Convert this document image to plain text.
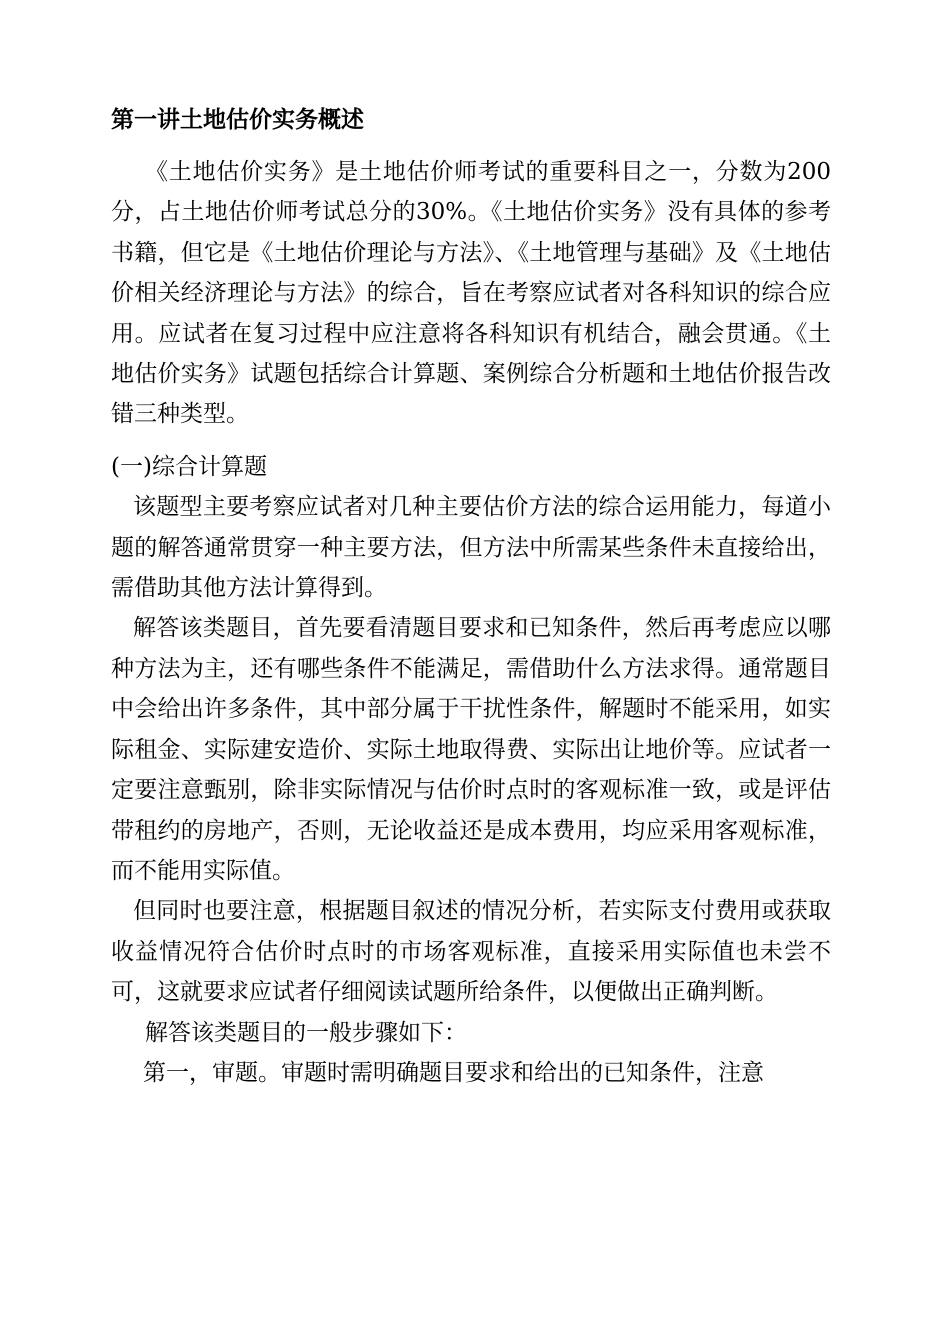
第一讲土地估价实务概述

《土地估价实务》是土地估价师考试的重要科目之一，分数为200分，占土地估价师考试总分的30%。《土地估价实务》没有具体的参考书籍，但它是《土地估价理论与方法》、《土地管理与基础》及《土地估价相关经济理论与方法》的综合，旨在考察应试者对各科知识的综合应用。应试者在复习过程中应注意将各科知识有机结合，融会贯通。《土地估价实务》试题包括综合计算题、案例综合分析题和土地估价报告改错三种类型。

(一)综合计算题

该题型主要考察应试者对几种主要估价方法的综合运用能力，每道小题的解答通常贯穿一种主要方法，但方法中所需某些条件未直接给出，需借助其他方法计算得到。

解答该类题目，首先要看清题目要求和已知条件，然后再考虑应以哪种方法为主，还有哪些条件不能满足，需借助什么方法求得。通常题目中会给出许多条件，其中部分属于干扰性条件，解题时不能采用，如实际租金、实际建安造价、实际土地取得费、实际出让地价等。应试者一定要注意甄别，除非实际情况与估价时点时的客观标准一致，或是评估带租约的房地产，否则，无论收益还是成本费用，均应采用客观标准，而不能用实际值。

但同时也要注意，根据题目叙述的情况分析，若实际支付费用或获取收益情况符合估价时点时的市场客观标准，直接采用实际值也未尝不可，这就要求应试者仔细阅读试题所给条件，以便做出正确判断。

解答该类题目的一般步骤如下：

第一，审题。审题时需明确题目要求和给出的已知条件，注意
